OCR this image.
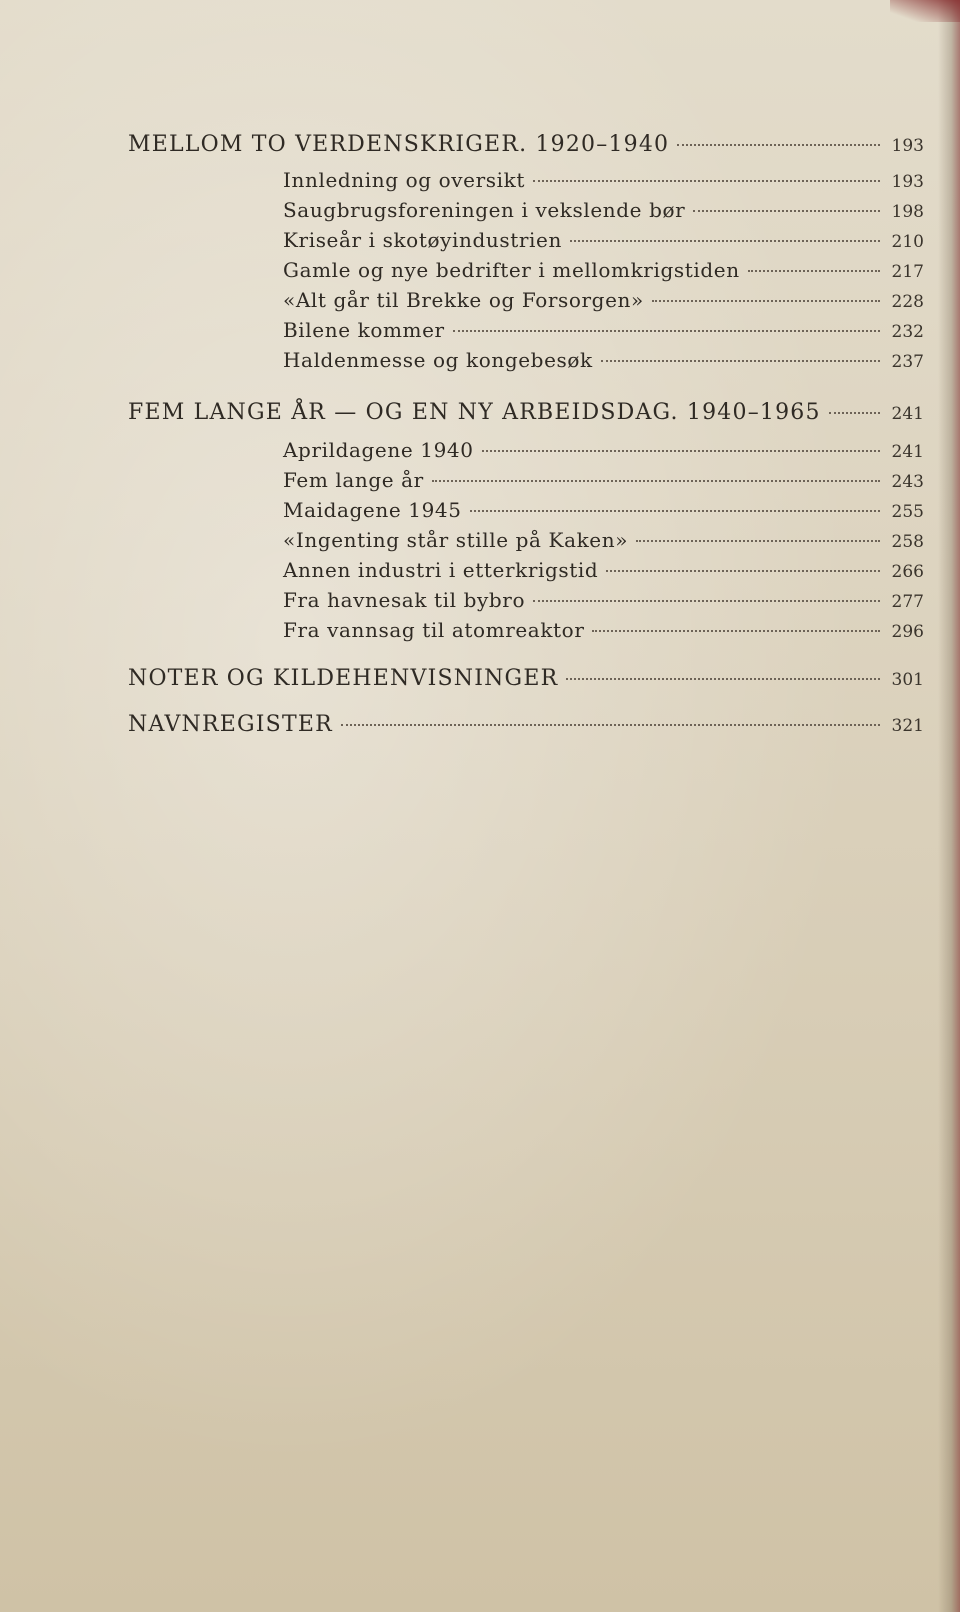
MELLOM TO VERDENSKRIGER. 1920–1940	193
Innledning og oversikt	193
Saugbrugsforeningen i vekslende bør	198
Kriseår i skotøyindustrien	210
Gamle og nye bedrifter i mellomkrigstiden	217
«Alt går til Brekke og Forsorgen»	228
Bilene kommer	232
Haldenmesse og kongebesøk	237
FEM LANGE ÅR — OG EN NY ARBEIDSDAG. 1940–1965	241
Aprildagene 1940	241
Fem lange år	243
Maidagene 1945	255
«Ingenting står stille på Kaken»	258
Annen industri i etterkrigstid	266
Fra havnesak til bybro	277
Fra vannsag til atomreaktor	296
NOTER OG KILDEHENVISNINGER	301
NAVNREGISTER	321
